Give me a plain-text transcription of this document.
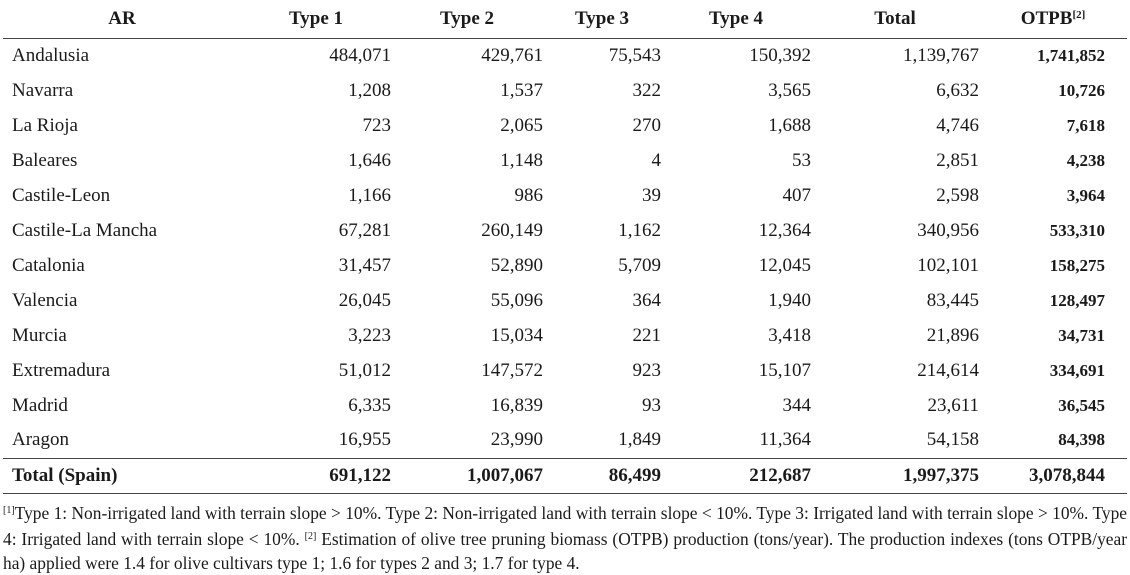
AR	Type 1	Type 2	Type 3	Type 4	Total	OTPB[2]
Andalusia	484,071	429,761	75,543	150,392	1,139,767	1,741,852
Navarra	1,208	1,537	322	3,565	6,632	10,726
La Rioja	723	2,065	270	1,688	4,746	7,618
Baleares	1,646	1,148	4	53	2,851	4,238
Castile-Leon	1,166	986	39	407	2,598	3,964
Castile-La Mancha	67,281	260,149	1,162	12,364	340,956	533,310
Catalonia	31,457	52,890	5,709	12,045	102,101	158,275
Valencia	26,045	55,096	364	1,940	83,445	128,497
Murcia	3,223	15,034	221	3,418	21,896	34,731
Extremadura	51,012	147,572	923	15,107	214,614	334,691
Madrid	6,335	16,839	93	344	23,611	36,545
Aragon	16,955	23,990	1,849	11,364	54,158	84,398
Total (Spain)	691,122	1,007,067	86,499	212,687	1,997,375	3,078,844
[1]Type 1: Non-irrigated land with terrain slope > 10%. Type 2: Non-irrigated land with terrain slope < 10%. Type 3: Irrigated land with terrain slope > 10%. Type 4: Irrigated land with terrain slope < 10%. [2] Estimation of olive tree pruning biomass (OTPB) production (tons/year). The production indexes (tons OTPB/year ha) applied were 1.4 for olive cultivars type 1; 1.6 for types 2 and 3; 1.7 for type 4.
